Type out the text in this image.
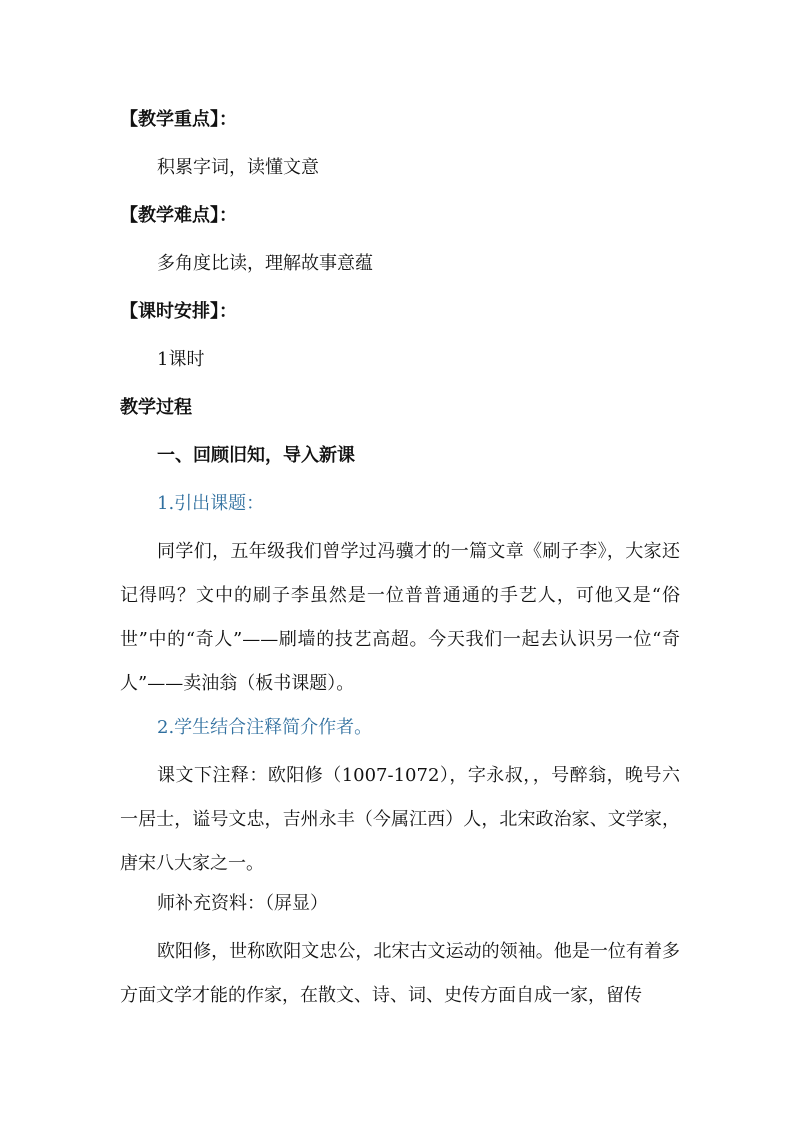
【教学重点】：
积累字词，读懂文意
【教学难点】：
多角度比读，理解故事意蕴
【课时安排】：
1课时
教学过程
一、回顾旧知，导入新课
1.引出课题：
同学们，五年级我们曾学过冯骥才的一篇文章《刷子李》，大家还记得吗？文中的刷子李虽然是一位普普通通的手艺人，可他又是“俗世”中的“奇人”——刷墙的技艺高超。今天我们一起去认识另一位“奇人”——卖油翁（板书课题）。
2.学生结合注释简介作者。
课文下注释：欧阳修（1007-1072），字永叔，，号醉翁，晚号六一居士，谥号文忠，吉州永丰（今属江西）人，北宋政治家、文学家，唐宋八大家之一。
师补充资料：（屏显）
欧阳修，世称欧阳文忠公，北宋古文运动的领袖。他是一位有着多方面文学才能的作家，在散文、诗、词、史传方面自成一家，留传
